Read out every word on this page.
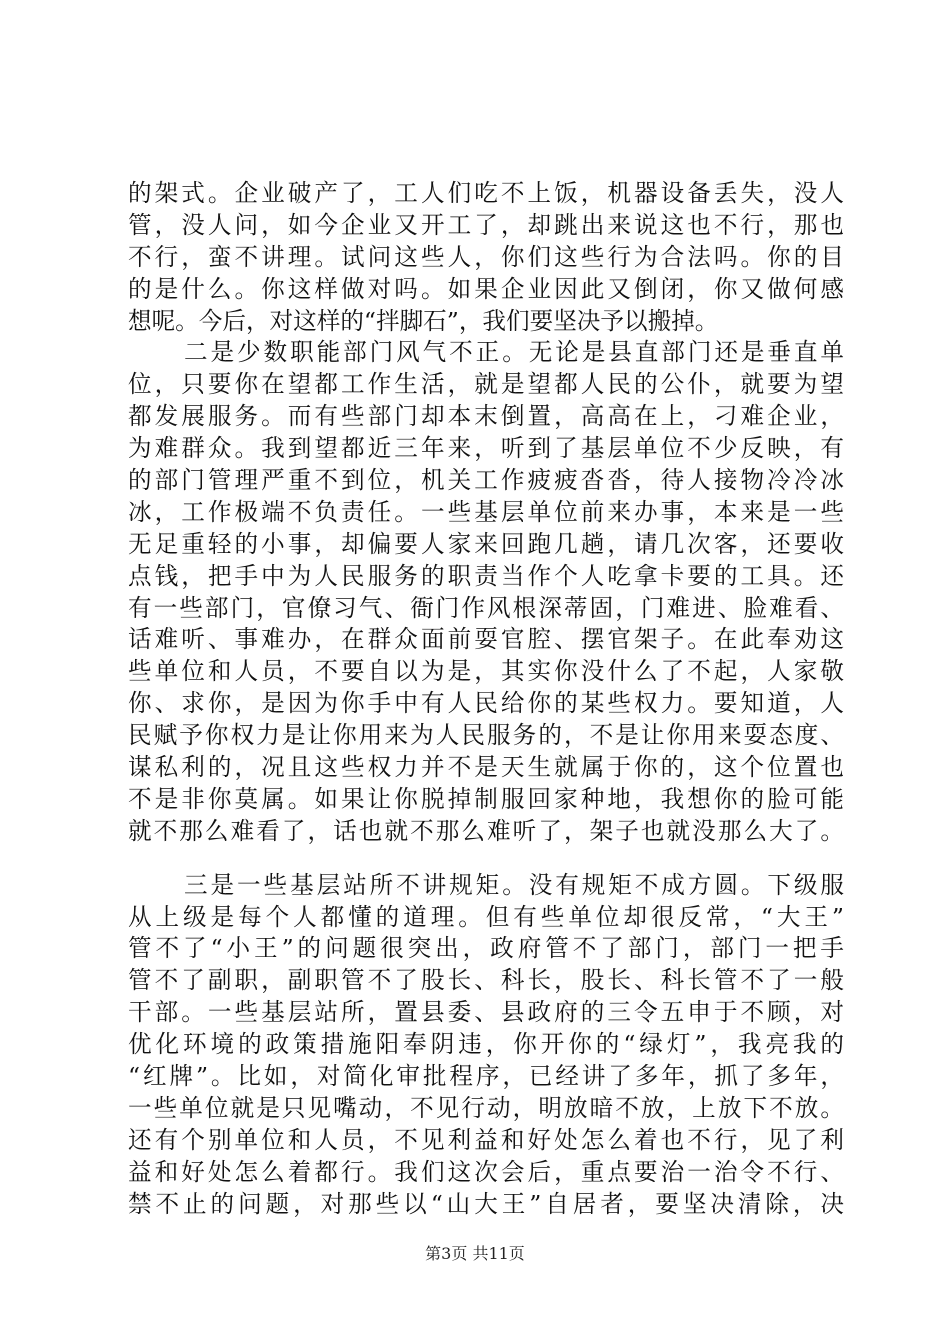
的架式。企业破产了，工人们吃不上饭，机器设备丢失，没人
管，没人问，如今企业又开工了，却跳出来说这也不行，那也
不行，蛮不讲理。试问这些人，你们这些行为合法吗。你的目
的是什么。你这样做对吗。如果企业因此又倒闭，你又做何感
想呢。今后，对这样的“拌脚石”，我们要坚决予以搬掉。
二是少数职能部门风气不正。无论是县直部门还是垂直单
位，只要你在望都工作生活，就是望都人民的公仆，就要为望
都发展服务。而有些部门却本末倒置，高高在上，刁难企业，
为难群众。我到望都近三年来，听到了基层单位不少反映，有
的部门管理严重不到位，机关工作疲疲沓沓，待人接物冷冷冰
冰，工作极端不负责任。一些基层单位前来办事，本来是一些
无足重轻的小事，却偏要人家来回跑几趟，请几次客，还要收
点钱，把手中为人民服务的职责当作个人吃拿卡要的工具。还
有一些部门，官僚习气、衙门作风根深蒂固，门难进、脸难看、
话难听、事难办，在群众面前耍官腔、摆官架子。在此奉劝这
些单位和人员，不要自以为是，其实你没什么了不起，人家敬
你、求你，是因为你手中有人民给你的某些权力。要知道，人
民赋予你权力是让你用来为人民服务的，不是让你用来耍态度、
谋私利的，况且这些权力并不是天生就属于你的，这个位置也
不是非你莫属。如果让你脱掉制服回家种地，我想你的脸可能
就不那么难看了，话也就不那么难听了，架子也就没那么大了。
三是一些基层站所不讲规矩。没有规矩不成方圆。下级服
从上级是每个人都懂的道理。但有些单位却很反常，“大王”
管不了“小王”的问题很突出，政府管不了部门，部门一把手
管不了副职，副职管不了股长、科长，股长、科长管不了一般
干部。一些基层站所，置县委、县政府的三令五申于不顾，对
优化环境的政策措施阳奉阴违，你开你的“绿灯”，我亮我的
“红牌”。比如，对简化审批程序，已经讲了多年，抓了多年，
一些单位就是只见嘴动，不见行动，明放暗不放，上放下不放。
还有个别单位和人员，不见利益和好处怎么着也不行，见了利
益和好处怎么着都行。我们这次会后，重点要治一治令不行、
禁不止的问题，对那些以“山大王”自居者，要坚决清除，决
第3页 共11页
